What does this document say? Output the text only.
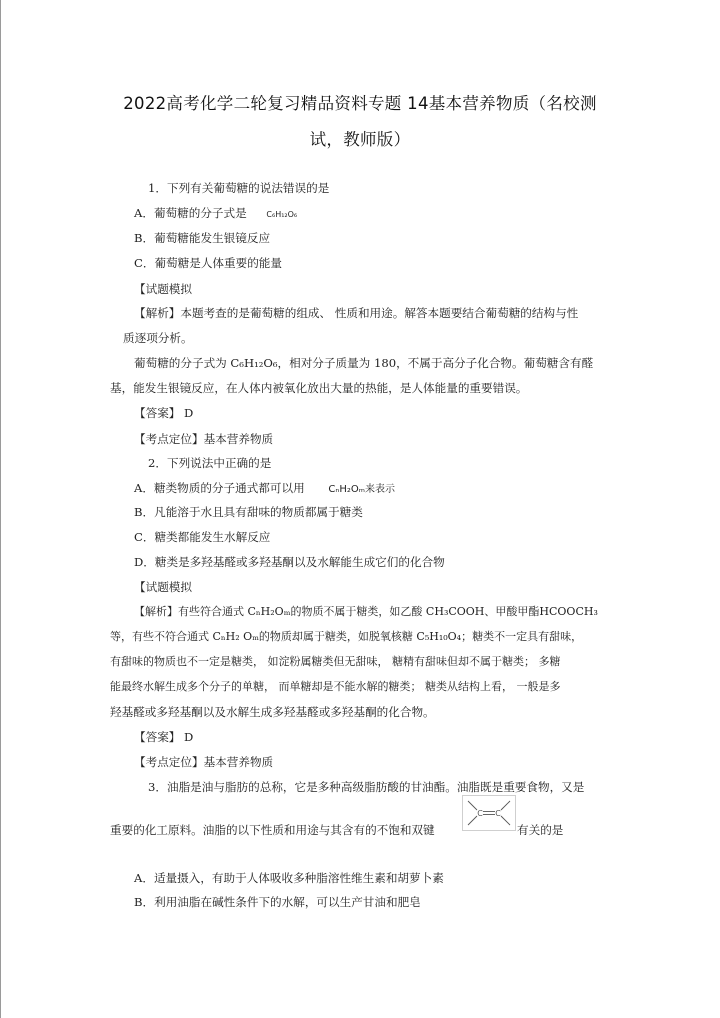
2022高考化学二轮复习精品资料专题 14基本营养物质（名校测
试，教师版）
1．下列有关葡萄糖的说法错误的是
A．葡萄糖的分子式是 C₆H₁₂O₆
B．葡萄糖能发生银镜反应
C．葡萄糖是人体重要的能量
【试题模拟
【解析】本题考查的是葡萄糖的组成、 性质和用途。解答本题要结合葡萄糖的结构与性
质逐项分析。
葡萄糖的分子式为 C₆H₁₂O₆，相对分子质量为 180，不属于高分子化合物。葡萄糖含有醛
基，能发生银镜反应，在人体内被氧化放出大量的热能，是人体能量的重要错误。
【答案】 D
【考点定位】基本营养物质
2．下列说法中正确的是
A．糖类物质的分子通式都可以用 CₙH₂Oₘ来表示
B．凡能溶于水且具有甜味的物质都属于糖类
C．糖类都能发生水解反应
D．糖类是多羟基醛或多羟基酮以及水解能生成它们的化合物
【试题模拟
【解析】有些符合通式 CₙH₂Oₘ的物质不属于糖类，如乙酸 CH₃COOH、甲酸甲酯HCOOCH₃
等，有些不符合通式 CₙH₂ Oₘ的物质却属于糖类，如脱氧核糖 C₅H₁₀O₄；糖类不一定具有甜味，
有甜味的物质也不一定是糖类， 如淀粉属糖类但无甜味， 糖精有甜味但却不属于糖类； 多糖
能最终水解生成多个分子的单糖， 而单糖却是不能水解的糖类； 糖类从结构上看， 一般是多
羟基醛或多羟基酮以及水解生成多羟基醛或多羟基酮的化合物。
【答案】 D
【考点定位】基本营养物质
3．油脂是油与脂肪的总称，它是多种高级脂肪酸的甘油酯。油脂既是重要食物，又是
重要的化工原料。油脂的以下性质和用途与其含有的不饱和双键
C C
有关的是
A．适量摄入，有助于人体吸收多种脂溶性维生素和胡萝卜素
B．利用油脂在碱性条件下的水解，可以生产甘油和肥皂
